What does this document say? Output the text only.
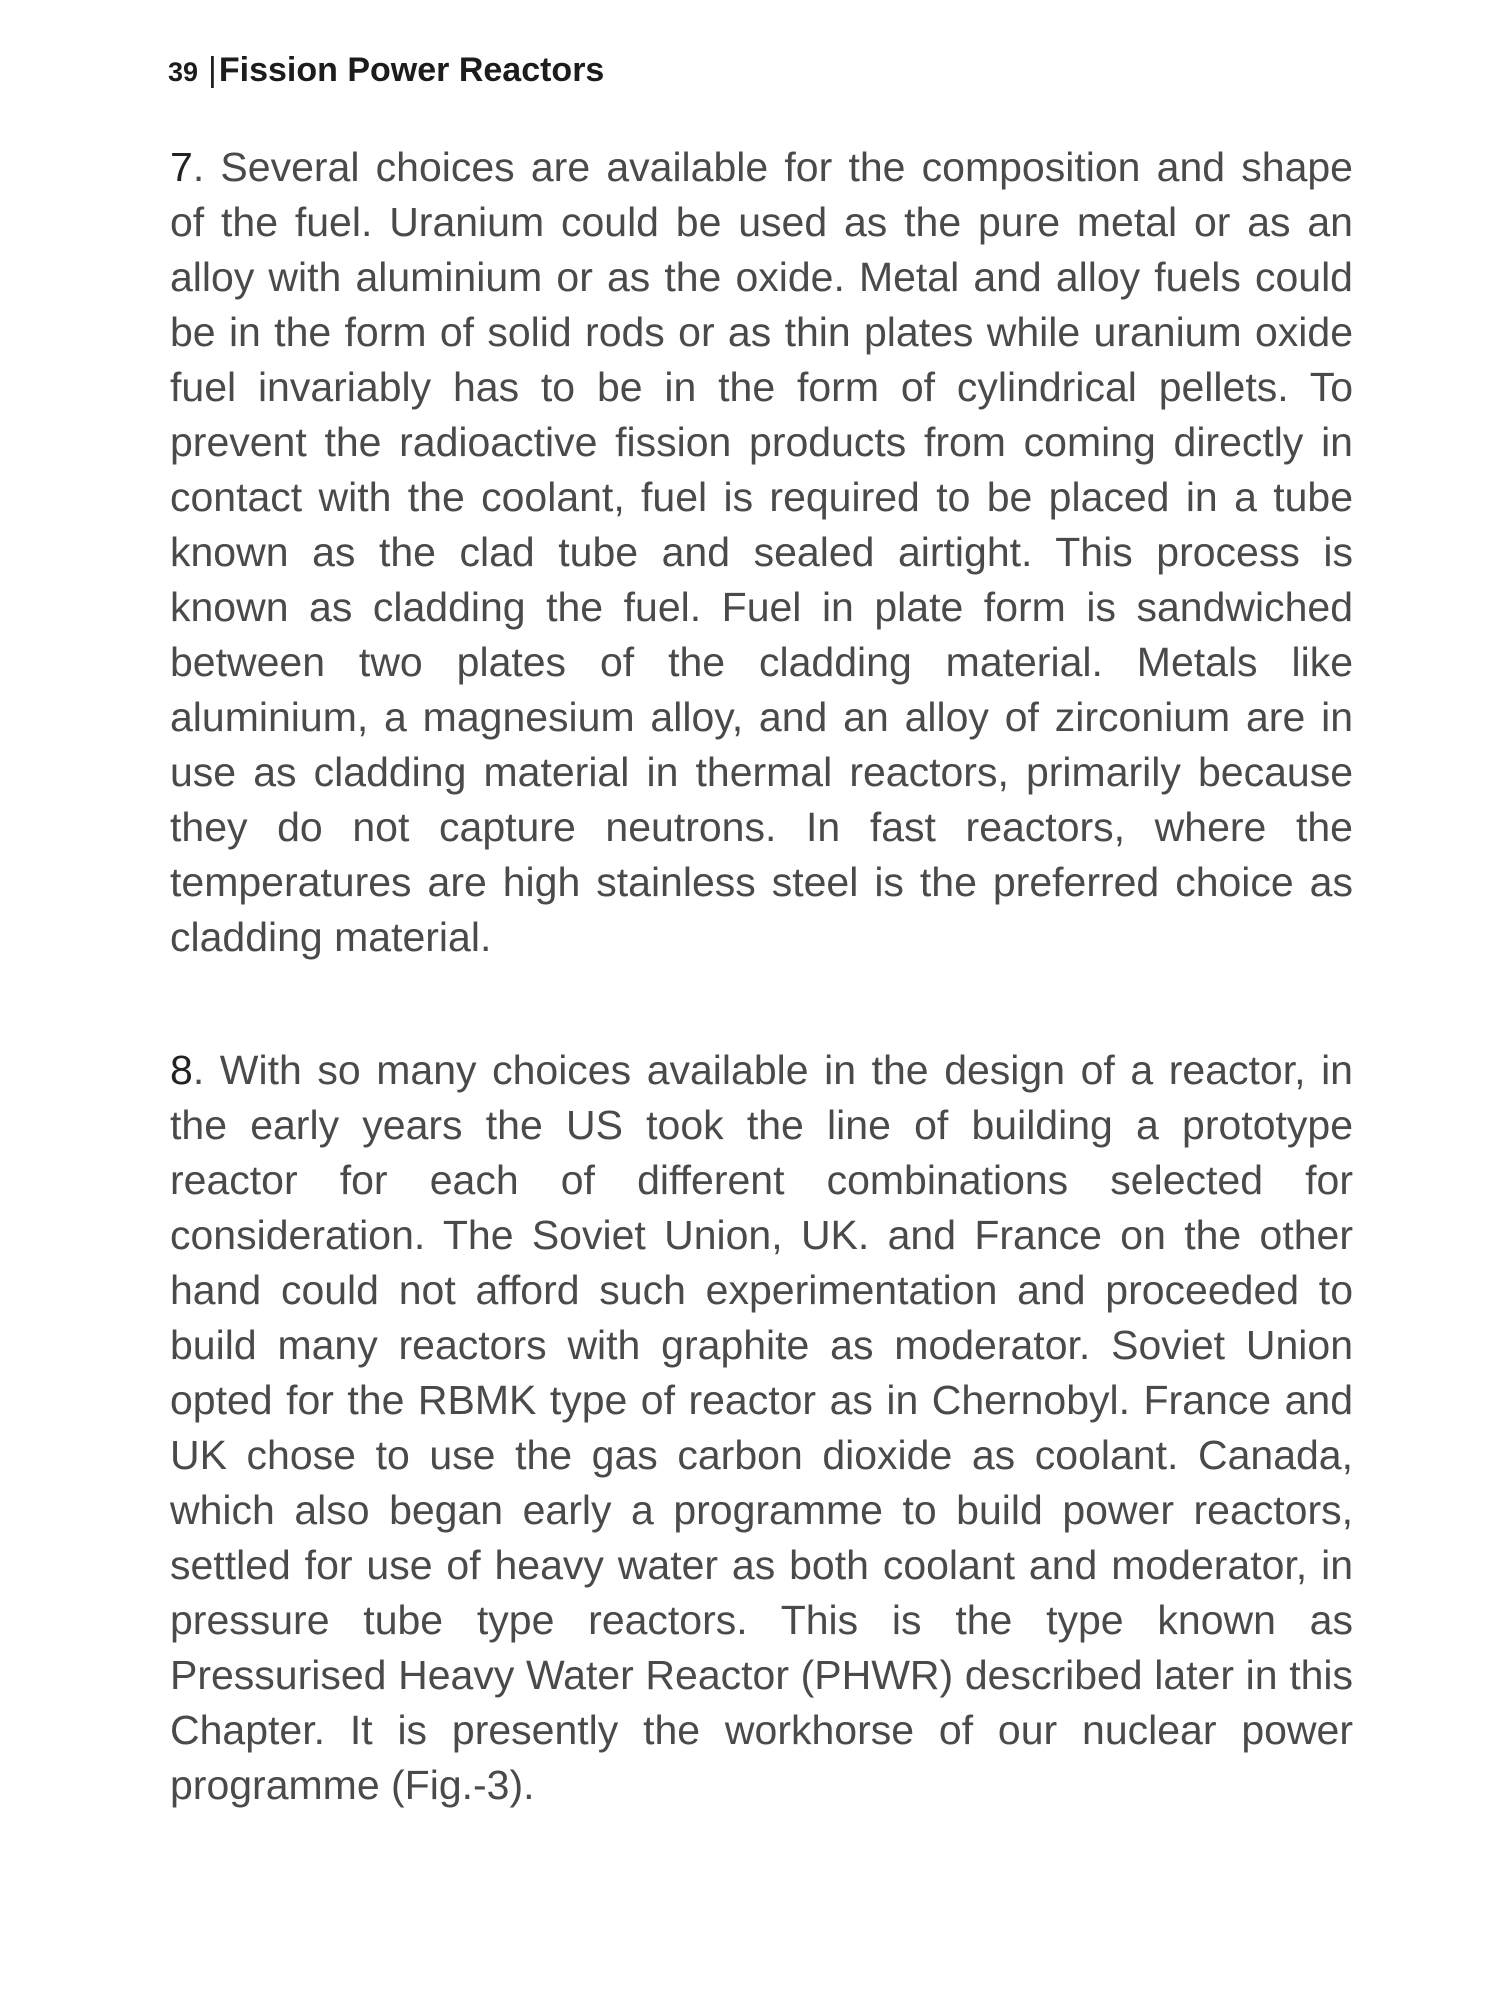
39 |Fission Power Reactors

7. Several choices are available for the composition and shape of the fuel. Uranium could be used as the pure metal or as an alloy with aluminium or as the oxide. Metal and alloy fuels could be in the form of solid rods or as thin plates while uranium oxide fuel invariably has to be in the form of cylindrical pellets. To prevent the radioactive fission products from coming directly in contact with the coolant, fuel is required to be placed in a tube known as the clad tube and sealed airtight. This process is known as cladding the fuel. Fuel in plate form is sandwiched between two plates of the cladding material. Metals like aluminium, a magnesium alloy, and an alloy of zirconium are in use as cladding material in thermal reactors, primarily because they do not capture neutrons. In fast reactors, where the temperatures are high stainless steel is the preferred choice as cladding material.

8. With so many choices available in the design of a reactor, in the early years the US took the line of building a prototype reactor for each of different combinations selected for consideration. The Soviet Union, UK. and France on the other hand could not afford such experimentation and proceeded to build many reactors with graphite as moderator. Soviet Union opted for the RBMK type of reactor as in Chernobyl. France and UK chose to use the gas carbon dioxide as coolant. Canada, which also began early a programme to build power reactors, settled for use of heavy water as both coolant and moderator, in pressure tube type reactors. This is the type known as Pressurised Heavy Water Reactor (PHWR) described later in this Chapter. It is presently the workhorse of our nuclear power programme (Fig.-3).
